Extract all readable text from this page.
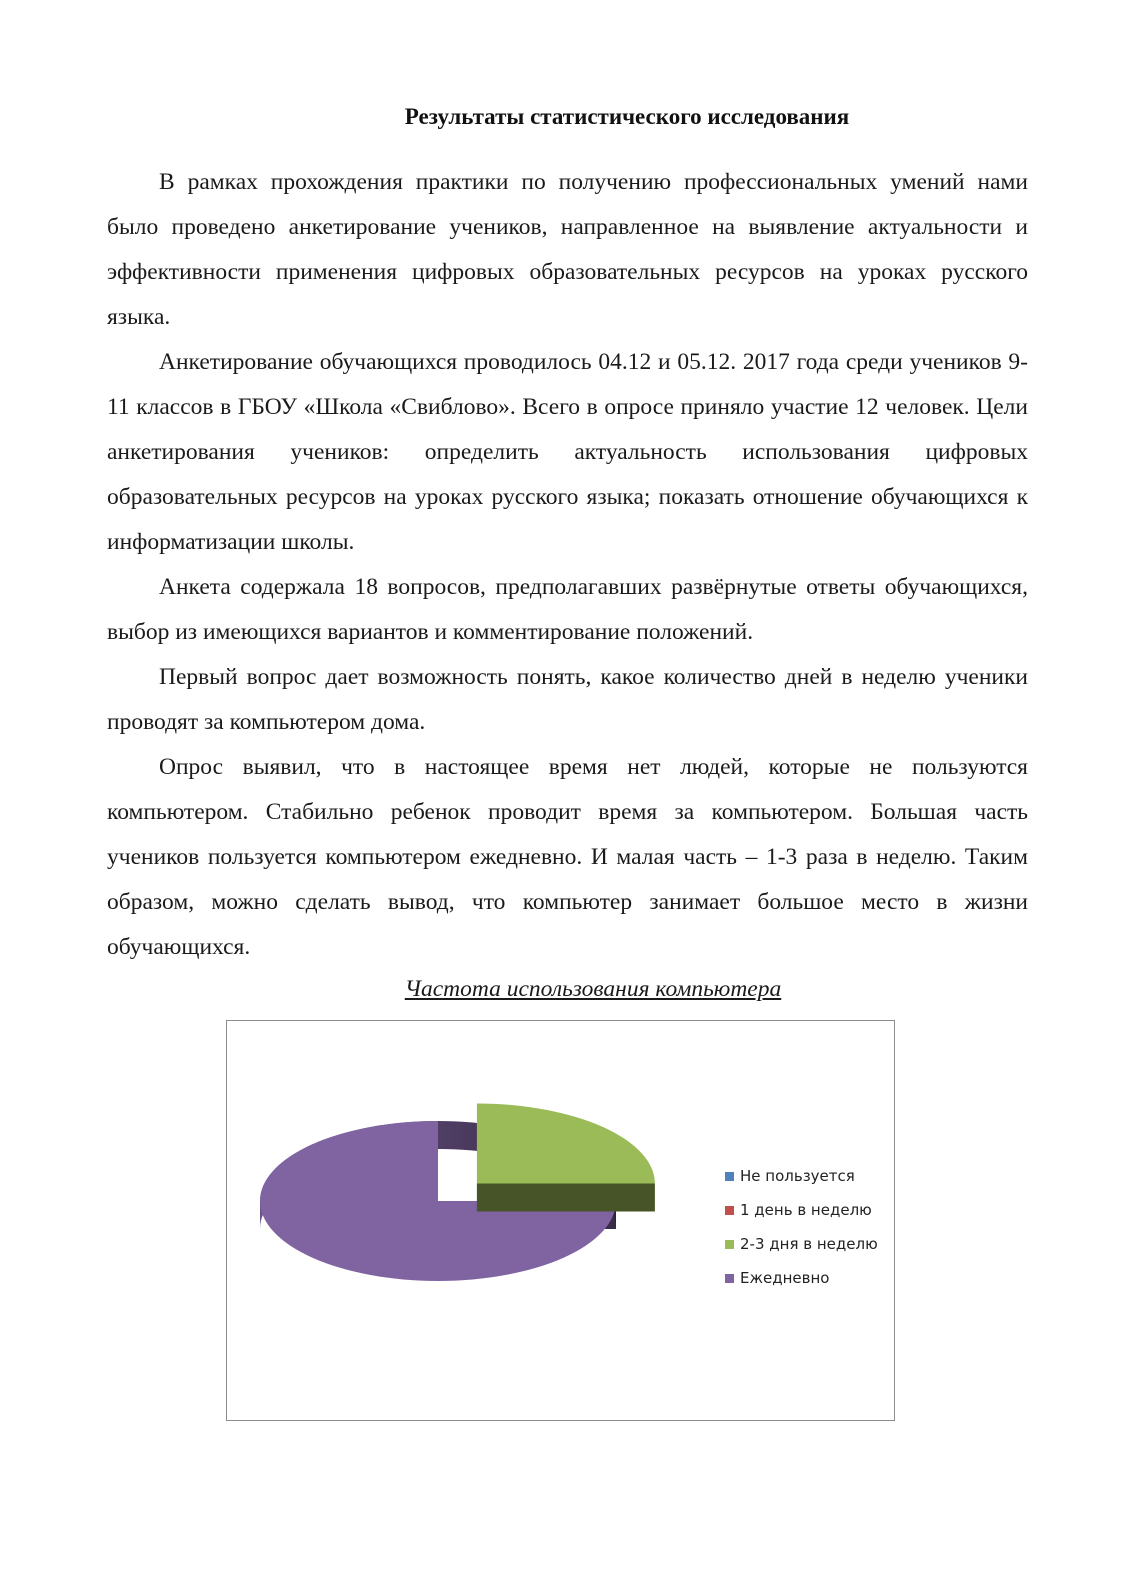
Результаты статистического исследования

В рамках прохождения практики по получению профессиональных умений нами было проведено анкетирование учеников, направленное на выявление актуальности и эффективности применения цифровых образовательных ресурсов на уроках русского языка.

Анкетирование обучающихся проводилось 04.12 и 05.12. 2017 года среди учеников 9-11 классов в ГБОУ «Школа «Свиблово». Всего в опросе приняло участие 12 человек. Цели анкетирования учеников: определить актуальность использования цифровых образовательных ресурсов на уроках русского языка; показать отношение обучающихся к информатизации школы.

Анкета содержала 18 вопросов, предполагавших развёрнутые ответы обучающихся, выбор из имеющихся вариантов и комментирование положений.

Первый вопрос дает возможность понять, какое количество дней в неделю ученики проводят за компьютером дома.

Опрос выявил, что в настоящее время нет людей, которые не пользуются компьютером. Стабильно ребенок проводит время за компьютером. Большая часть учеников пользуется компьютером ежедневно. И малая часть – 1-3 раза в неделю. Таким образом, можно сделать вывод, что компьютер занимает большое место в жизни обучающихся.

Частота использования компьютера
Не пользуется
1 день в неделю
2-3 дня в неделю
Ежедневно
